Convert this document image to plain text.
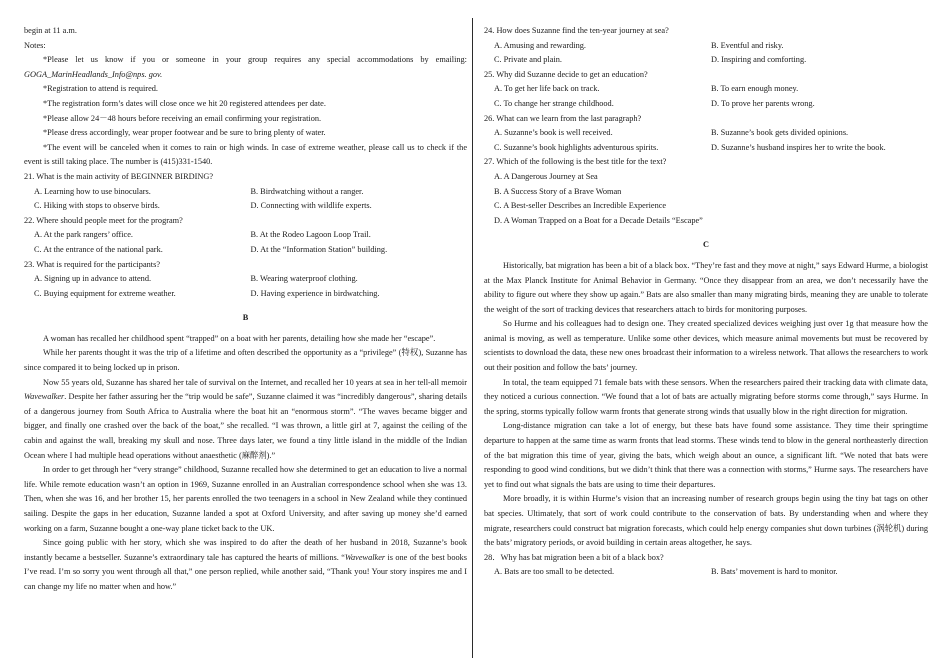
begin at 11 a.m.

Notes:

*Please let us know if you or someone in your group requires any special accommodations by emailing: GOGA_MarinHeadlands_Info@nps. gov.

*Registration to attend is required.

*The registration form’s dates will close once we hit 20 registered attendees per date.

*Please allow 24－48 hours before receiving an email confirming your registration.

*Please dress accordingly, wear proper footwear and be sure to bring plenty of water.

*The event will be canceled when it comes to rain or high winds. In case of extreme weather, please call us to check if the event is still taking place. The number is (415)331-1540.

21. What is the main activity of BEGINNER BIRDING?

A. Learning how to use binoculars.	B. Birdwatching without a ranger.
C. Hiking with stops to observe birds.	D. Connecting with wildlife experts.

22. Where should people meet for the program?

A. At the park rangers’ office.	B. At the Rodeo Lagoon Loop Trail.
C. At the entrance of the national park.	D. At the “Information Station” building.

23. What is required for the participants?

A. Signing up in advance to attend.	B. Wearing waterproof clothing.
C. Buying equipment for extreme weather.	D. Having experience in birdwatching.

B

A woman has recalled her childhood spent “trapped” on a boat with her parents, detailing how she made her “escape”.

While her parents thought it was the trip of a lifetime and often described the opportunity as a “privilege” (特权), Suzanne has since compared it to being locked up in prison.

Now 55 years old, Suzanne has shared her tale of survival on the Internet, and recalled her 10 years at sea in her tell-all memoir Wavewalker. Despite her father assuring her the “trip would be safe”, Suzanne claimed it was “incredibly dangerous”, sharing details of a dangerous journey from South Africa to Australia where the boat hit an “enormous storm”. “The waves became bigger and bigger, and finally one crashed over the back of the boat,” she recalled. “I was thrown, a little girl at 7, against the ceiling of the cabin and against the wall, breaking my skull and nose. Three days later, we found a tiny little island in the middle of the Indian Ocean where I had multiple head operations without anaesthetic (麻醉剂).”

In order to get through her “very strange” childhood, Suzanne recalled how she determined to get an education to live a normal life. While remote education wasn’t an option in 1969, Suzanne enrolled in an Australian correspondence school when she was 13. Then, when she was 16, and her brother 15, her parents enrolled the two teenagers in a school in New Zealand while they continued sailing. Despite the gaps in her education, Suzanne landed a spot at Oxford University, and after saving up money she’d earned working on a farm, Suzanne bought a one-way plane ticket back to the UK.

Since going public with her story, which she was inspired to do after the death of her husband in 2018, Suzanne’s book instantly became a bestseller. Suzanne’s extraordinary tale has captured the hearts of millions. “Wavewalker is one of the best books I’ve read. I’m so sorry you went through all that,” one person replied, while another said, “Thank you! Your story inspires me and I can change my life no matter when and how.”

24. How does Suzanne find the ten-year journey at sea?

A. Amusing and rewarding.	B. Eventful and risky.
C. Private and plain.	D. Inspiring and comforting.

25. Why did Suzanne decide to get an education?

A. To get her life back on track.	B. To earn enough money.
C. To change her strange childhood.	D. To prove her parents wrong.

26. What can we learn from the last paragraph?

A. Suzanne’s book is well received.	B. Suzanne’s book gets divided opinions.
C. Suzanne’s book highlights adventurous spirits.	D. Suzanne’s husband inspires her to write the book.

27. Which of the following is the best title for the text?

A. A Dangerous Journey at Sea
B. A Success Story of a Brave Woman
C. A Best-seller Describes an Incredible Experience
D. A Woman Trapped on a Boat for a Decade Details “Escape”

C

Historically, bat migration has been a bit of a black box. “They’re fast and they move at night,” says Edward Hurme, a biologist at the Max Planck Institute for Animal Behavior in Germany. “Once they disappear from an area, we don’t necessarily have the ability to figure out where they show up again.” Bats are also smaller than many migrating birds, meaning they are unable to tolerate the weight of the sort of tracking devices that researchers attach to birds for monitoring purposes.

So Hurme and his colleagues had to design one. They created specialized devices weighing just over 1g that measure how the animal is moving, as well as temperature. Unlike some other devices, which measure animal movements but must be recovered by scientists to download the data, these new ones broadcast their information to a wireless network. That allows the researchers to work out their position and follow the bats’ journey.

In total, the team equipped 71 female bats with these sensors. When the researchers paired their tracking data with climate data, they noticed a curious connection. “We found that a lot of bats are actually migrating before storms come through,” says Hurme. In the spring, storms typically follow warm fronts that generate strong winds that usually blow in the right direction for migration.

Long-distance migration can take a lot of energy, but these bats have found some assistance. They time their springtime departure to happen at the same time as warm fronts that lead storms. These winds tend to blow in the general northeasterly direction of the bat migration this time of year, giving the bats, which weigh about an ounce, a significant lift. “We noted that bats were responding to good wind conditions, but we didn’t think that there was a connection with storms,” Hurme says. The researchers have yet to find out what signals the bats are using to time their departures.

More broadly, it is within Hurme’s vision that an increasing number of research groups begin using the tiny bat tags on other bat species. Ultimately, that sort of work could contribute to the conservation of bats. By understanding when and where they migrate, researchers could construct bat migration forecasts, which could help energy companies shut down turbines (涡轮机) during the bats’ migratory periods, or avoid building in certain areas altogether, he says.

28．Why has bat migration been a bit of a black box?

A. Bats are too small to be detected.	B. Bats’ movement is hard to monitor.
